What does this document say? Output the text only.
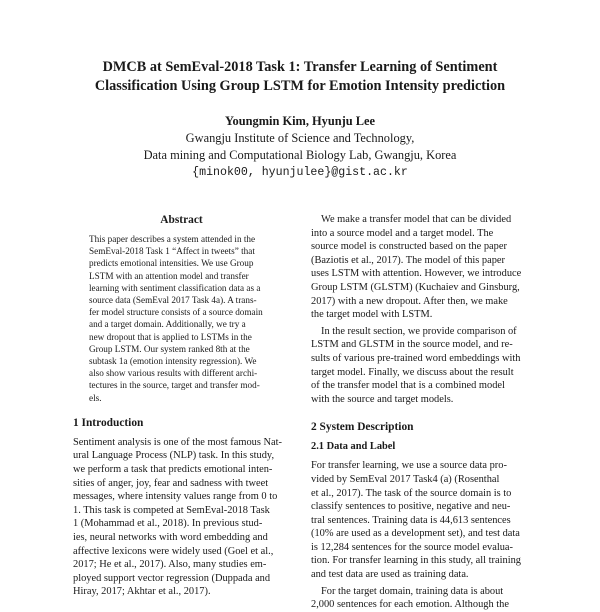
DMCB at SemEval-2018 Task 1: Transfer Learning of Sentiment
Classification Using Group LSTM for Emotion Intensity prediction
Youngmin Kim, Hyunju Lee
Gwangju Institute of Science and Technology,
Data mining and Computational Biology Lab, Gwangju, Korea
{minok00, hyunjulee}@gist.ac.kr
Abstract
This paper describes a system attended in the
SemEval-2018 Task 1 “Affect in tweets” that
predicts emotional intensities. We use Group
LSTM with an attention model and transfer
learning with sentiment classification data as a
source data (SemEval 2017 Task 4a). A trans-
fer model structure consists of a source domain
and a target domain. Additionally, we try a
new dropout that is applied to LSTMs in the
Group LSTM. Our system ranked 8th at the
subtask 1a (emotion intensity regression). We
also show various results with different archi-
tectures in the source, target and transfer mod-
els.
1 Introduction
Sentiment analysis is one of the most famous Nat-
ural Language Process (NLP) task. In this study,
we perform a task that predicts emotional inten-
sities of anger, joy, fear and sadness with tweet
messages, where intensity values range from 0 to
1. This task is competed at SemEval-2018 Task
1 (Mohammad et al., 2018). In previous stud-
ies, neural networks with word embedding and
affective lexicons were widely used (Goel et al.,
2017; He et al., 2017). Also, many studies em-
ployed support vector regression (Duppada and
Hiray, 2017; Akhtar et al., 2017).
We make a transfer model that can be divided
into a source model and a target model. The
source model is constructed based on the paper
(Baziotis et al., 2017). The model of this paper
uses LSTM with attention. However, we introduce
Group LSTM (GLSTM) (Kuchaiev and Ginsburg,
2017) with a new dropout. After then, we make
the target model with LSTM.
In the result section, we provide comparison of
LSTM and GLSTM in the source model, and re-
sults of various pre-trained word embeddings with
target model. Finally, we discuss about the result
of the transfer model that is a combined model
with the source and target models.
2 System Description
2.1 Data and Label
For transfer learning, we use a source data pro-
vided by SemEval 2017 Task4 (a) (Rosenthal
et al., 2017). The task of the source domain is to
classify sentences to positive, negative and neu-
tral sentences. Training data is 44,613 sentences
(10% are used as a development set), and test data
is 12,284 sentences for the source model evalua-
tion. For transfer learning in this study, all training
and test data are used as training data.
For the target domain, training data is about
2,000 sentences for each emotion. Although the
